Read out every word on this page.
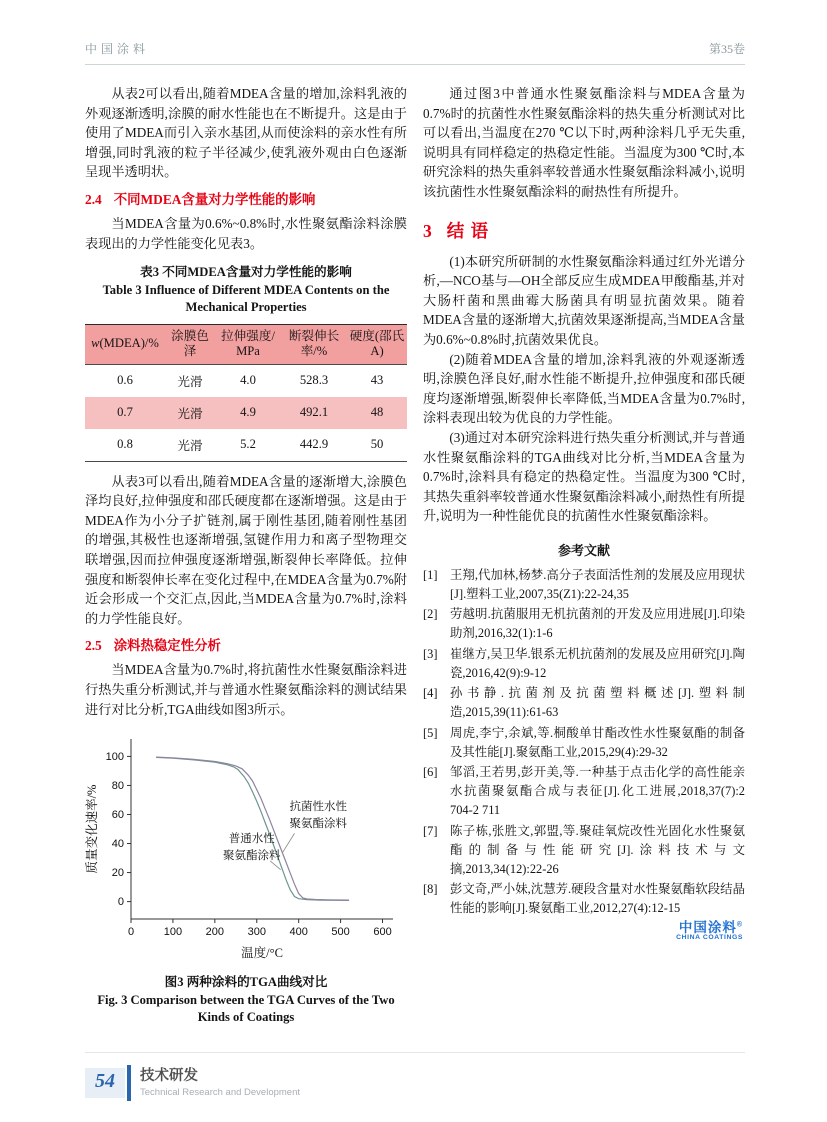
中国涂料	第35卷

从表2可以看出,随着MDEA含量的增加,涂料乳液的外观逐渐透明,涂膜的耐水性能也在不断提升。这是由于使用了MDEA而引入亲水基团,从而使涂料的亲水性有所增强,同时乳液的粒子半径减少,使乳液外观由白色逐渐呈现半透明状。

2.4 不同MDEA含量对力学性能的影响

当MDEA含量为0.6%~0.8%时,水性聚氨酯涂料涂膜表现出的力学性能变化见表3。

表3 不同MDEA含量对力学性能的影响
Table 3 Influence of Different MDEA Contents on the
Mechanical Properties
w(MDEA)/%	涂膜色泽	拉伸强度/MPa	断裂伸长率/%	硬度(邵氏A)
0.6	光滑	4.0	528.3	43
0.7	光滑	4.9	492.1	48
0.8	光滑	5.2	442.9	50

从表3可以看出,随着MDEA含量的逐渐增大,涂膜色泽均良好,拉伸强度和邵氏硬度都在逐渐增强。这是由于MDEA作为小分子扩链剂,属于刚性基团,随着刚性基团的增强,其极性也逐渐增强,氢键作用力和离子型物理交联增强,因而拉伸强度逐渐增强,断裂伸长率降低。拉伸强度和断裂伸长率在变化过程中,在MDEA含量为0.7%附近会形成一个交汇点,因此,当MDEA含量为0.7%时,涂料的力学性能良好。

2.5 涂料热稳定性分析

当MDEA含量为0.7%时,将抗菌性水性聚氨酯涂料进行热失重分析测试,并与普通水性聚氨酯涂料的测试结果进行对比分析,TGA曲线如图3所示。

0
20
40
60
80
100
0	100 200 300 400 500 600
抗菌性水性
聚氨酯涂料
普通水性
聚氨酯涂料
温度/°C
质量变化速率/%
图3 两种涂料的TGA曲线对比
Fig. 3 Comparison between the TGA Curves of the Two
Kinds of Coatings

通过图3中普通水性聚氨酯涂料与MDEA含量为0.7%时的抗菌性水性聚氨酯涂料的热失重分析测试对比可以看出,当温度在270 ℃以下时,两种涂料几乎无失重,说明具有同样稳定的热稳定性能。当温度为300 ℃时,本研究涂料的热失重斜率较普通水性聚氨酯涂料减小,说明该抗菌性水性聚氨酯涂料的耐热性有所提升。

3 结 语

(1)本研究所研制的水性聚氨酯涂料通过红外光谱分析,—NCO基与—OH全部反应生成MDEA甲酸酯基,并对大肠杆菌和黑曲霉大肠菌具有明显抗菌效果。随着MDEA含量的逐渐增大,抗菌效果逐渐提高,当MDEA含量为0.6%~0.8%时,抗菌效果优良。

(2)随着MDEA含量的增加,涂料乳液的外观逐渐透明,涂膜色泽良好,耐水性能不断提升,拉伸强度和邵氏硬度均逐渐增强,断裂伸长率降低,当MDEA含量为0.7%时,涂料表现出较为优良的力学性能。

(3)通过对本研究涂料进行热失重分析测试,并与普通水性聚氨酯涂料的TGA曲线对比分析,当MDEA含量为0.7%时,涂料具有稳定的热稳定性。当温度为300 ℃时,其热失重斜率较普通水性聚氨酯涂料减小,耐热性有所提升,说明为一种性能优良的抗菌性水性聚氨酯涂料。

参考文献
[1] 王翔,代加林,杨梦.高分子表面活性剂的发展及应用现状[J].塑料工业,2007,35(Z1):22-24,35
[2] 劳越明.抗菌服用无机抗菌剂的开发及应用进展[J].印染助剂,2016,32(1):1-6
[3] 崔继方,吴卫华.银系无机抗菌剂的发展及应用研究[J].陶瓷,2016,42(9):9-12
[4] 孙书静.抗菌剂及抗菌塑料概述[J].塑料制造,2015,39(11):61-63
[5] 周虎,李宁,余斌,等.桐酸单甘酯改性水性聚氨酯的制备及其性能[J].聚氨酯工业,2015,29(4):29-32
[6] 邹滔,王若男,彭开美,等.一种基于点击化学的高性能亲水抗菌聚氨酯合成与表征[J].化工进展,2018,37(7):2 704-2 711
[7] 陈子栋,张胜文,郭盟,等.聚硅氧烷改性光固化水性聚氨酯的制备与性能研究[J].涂料技术与文摘,2013,34(12):22-26
[8] 彭文奇,严小妹,沈慧芳.硬段含量对水性聚氨酯软段结晶性能的影响[J].聚氨酯工业,2012,27(4):12-15
中国涂料®
CHINA COATINGS
54	技术研发
Technical Research and Development
